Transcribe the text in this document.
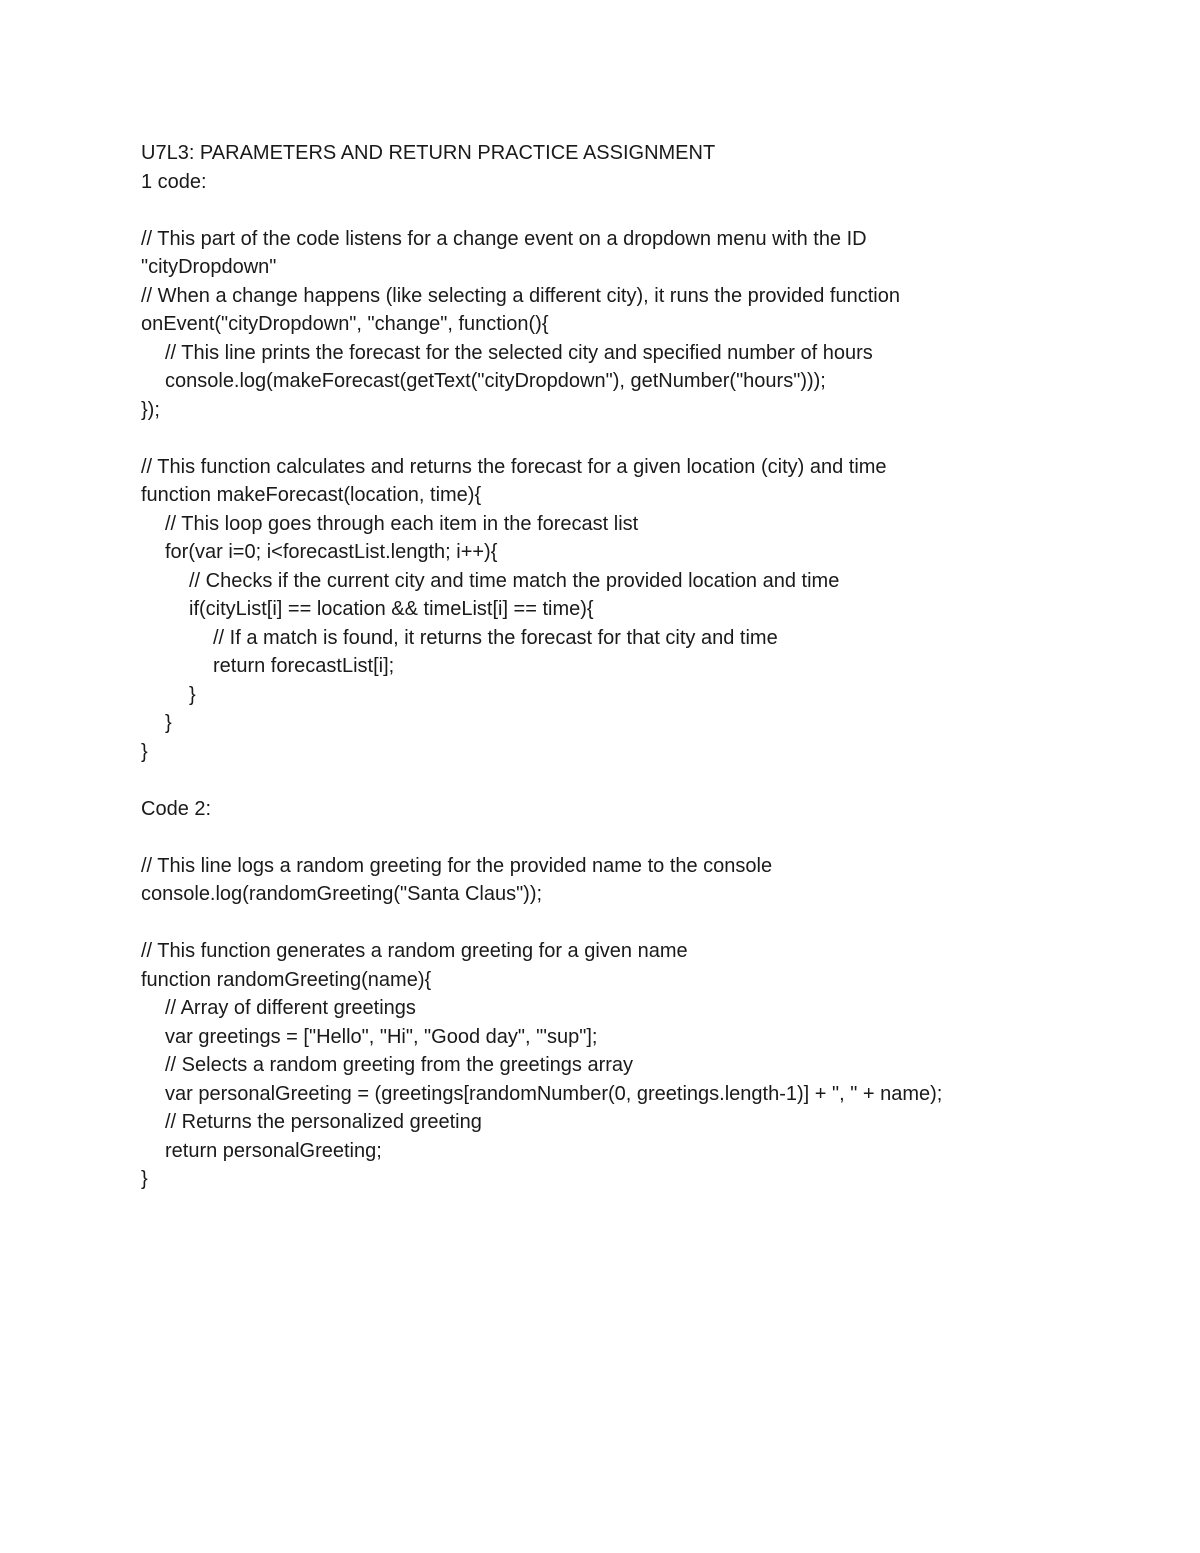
U7L3: PARAMETERS AND RETURN PRACTICE ASSIGNMENT
1 code:
// This part of the code listens for a change event on a dropdown menu with the ID
"cityDropdown"
// When a change happens (like selecting a different city), it runs the provided function
onEvent("cityDropdown", "change", function(){
// This line prints the forecast for the selected city and specified number of hours
console.log(makeForecast(getText("cityDropdown"), getNumber("hours")));
});
// This function calculates and returns the forecast for a given location (city) and time
function makeForecast(location, time){
// This loop goes through each item in the forecast list
for(var i=0; i<forecastList.length; i++){
// Checks if the current city and time match the provided location and time
if(cityList[i] == location && timeList[i] == time){
// If a match is found, it returns the forecast for that city and time
return forecastList[i];
}
}
}
Code 2:
// This line logs a random greeting for the provided name to the console
console.log(randomGreeting("Santa Claus"));
// This function generates a random greeting for a given name
function randomGreeting(name){
// Array of different greetings
var greetings = ["Hello", "Hi", "Good day", "'sup"];
// Selects a random greeting from the greetings array
var personalGreeting = (greetings[randomNumber(0, greetings.length-1)] + ", " + name);
// Returns the personalized greeting
return personalGreeting;
}
